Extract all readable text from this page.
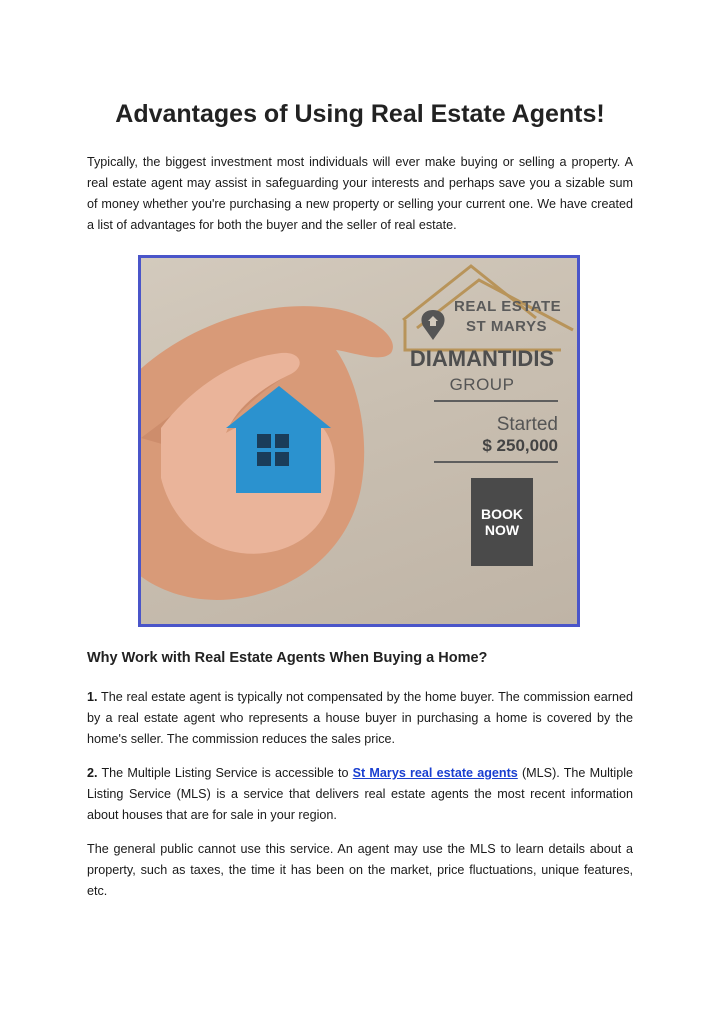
Advantages of Using Real Estate Agents!

Typically, the biggest investment most individuals will ever make buying or selling a property. A real estate agent may assist in safeguarding your interests and perhaps save you a sizable sum of money whether you're purchasing a new property or selling your current one. We have created a list of advantages for both the buyer and the seller of real estate.

REAL ESTATE
ST MARYS
DIAMANTIDIS
GROUP
Started
$ 250,000
BOOK
NOW
Why Work with Real Estate Agents When Buying a Home?

1. The real estate agent is typically not compensated by the home buyer. The commission earned by a real estate agent who represents a house buyer in purchasing a home is covered by the home's seller. The commission reduces the sales price.

2. The Multiple Listing Service is accessible to St Marys real estate agents (MLS). The Multiple Listing Service (MLS) is a service that delivers real estate agents the most recent information about houses that are for sale in your region.

The general public cannot use this service. An agent may use the MLS to learn details about a property, such as taxes, the time it has been on the market, price fluctuations, unique features, etc.
